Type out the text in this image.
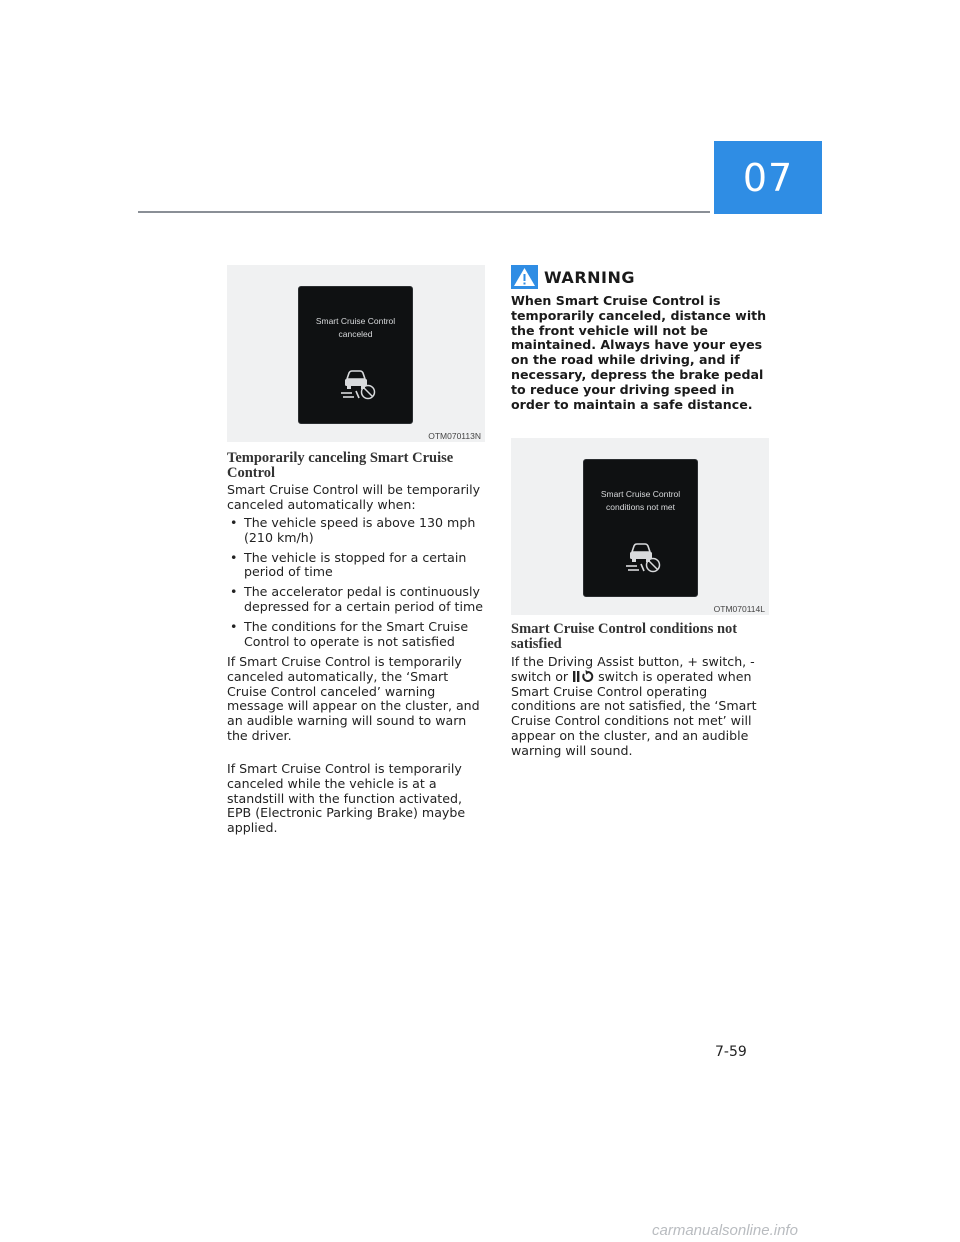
07
Smart Cruise Control
canceled
OTM070113N
Temporarily canceling Smart Cruise Control
Smart Cruise Control will be temporarily canceled automatically when:
• The vehicle speed is above 130 mph (210 km/h)
• The vehicle is stopped for a certain period of time
• The accelerator pedal is continuously depressed for a certain period of time
• The conditions for the Smart Cruise Control to operate is not satisfied
If Smart Cruise Control is temporarily canceled automatically, the ‘Smart Cruise Control canceled’ warning message will appear on the cluster, and an audible warning will sound to warn the driver.
If Smart Cruise Control is temporarily canceled while the vehicle is at a standstill with the function activated, EPB (Electronic Parking Brake) maybe applied.
WARNING
When Smart Cruise Control is temporarily canceled, distance with the front vehicle will not be maintained. Always have your eyes on the road while driving, and if necessary, depress the brake pedal to reduce your driving speed in order to maintain a safe distance.
Smart Cruise Control
conditions not met
OTM070114L
Smart Cruise Control conditions not satisfied
If the Driving Assist button, + switch, - switch or switch is operated when Smart Cruise Control operating conditions are not satisfied, the ‘Smart Cruise Control conditions not met’ will appear on the cluster, and an audible warning will sound.
7-59
carmanualsonline.info
